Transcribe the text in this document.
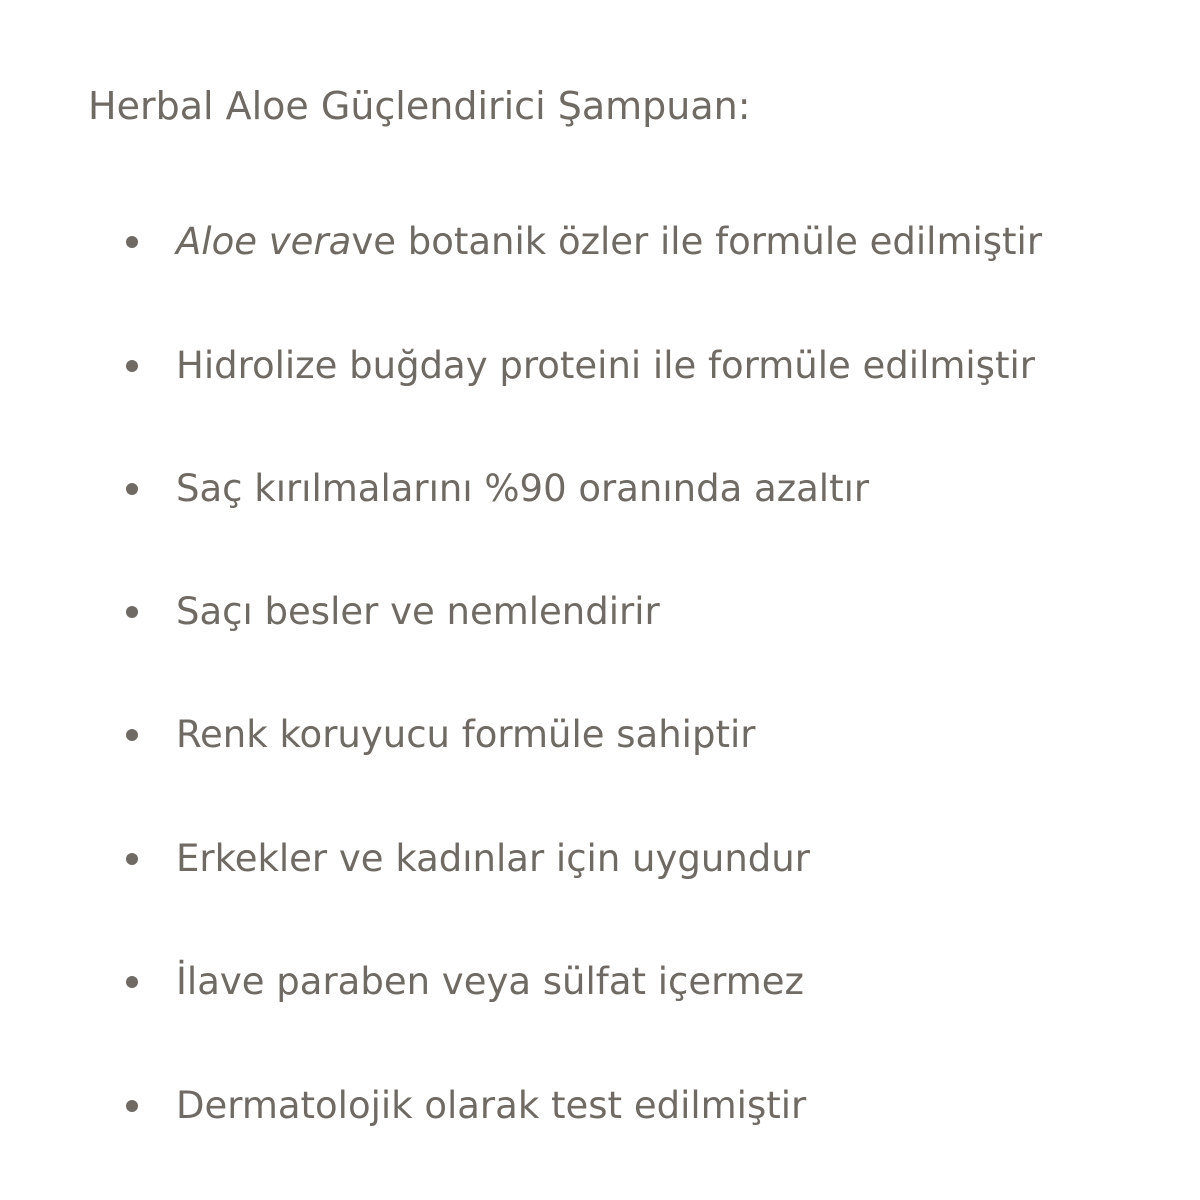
Herbal Aloe Güçlendirici Şampuan:
Aloe verave botanik özler ile formüle edilmiştir
Hidrolize buğday proteini ile formüle edilmiştir
Saç kırılmalarını %90 oranında azaltır
Saçı besler ve nemlendirir
Renk koruyucu formüle sahiptir
Erkekler ve kadınlar için uygundur
İlave paraben veya sülfat içermez
Dermatolojik olarak test edilmiştir
